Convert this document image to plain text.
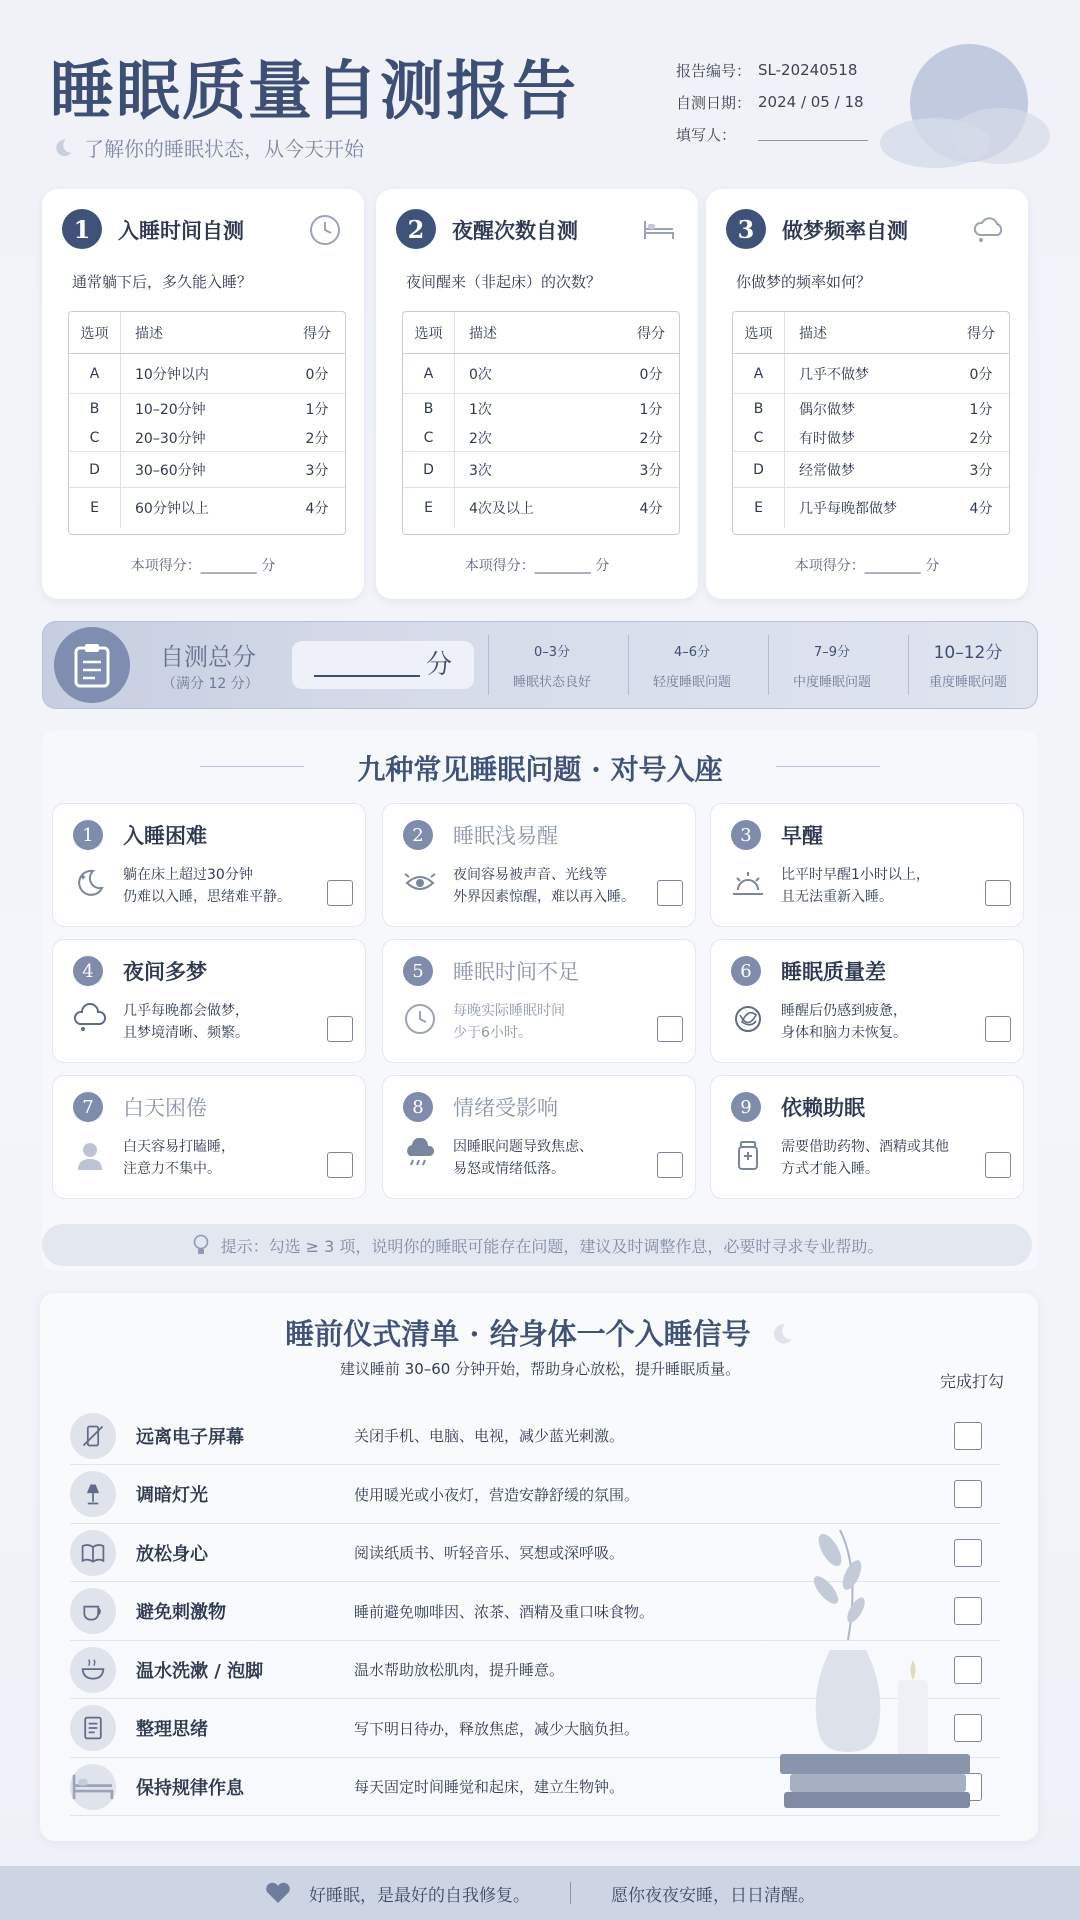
睡眠质量自测报告
了解你的睡眠状态，从今天开始
报告编号： SL-20240518
自测日期： 2024 / 05 / 18
填写人：
1	入睡时间自测
通常躺下后，多久能入睡？
选项	描述	得分
A	10分钟以内	0分
B	10–20分钟	1分
C	20–30分钟	2分
D	30–60分钟	3分
E	60分钟以上	4分
本项得分：________ 分
2	夜醒次数自测
夜间醒来（非起床）的次数？
选项	描述	得分
A	0次	0分
B	1次	1分
C	2次	2分
D	3次	3分
E	4次及以上	4分
本项得分：________ 分
3	做梦频率自测
你做梦的频率如何？
选项	描述	得分
A	几乎不做梦	0分
B	偶尔做梦	1分
C	有时做梦	2分
D	经常做梦	3分
E	几乎每晚都做梦	4分
本项得分：________ 分
自测总分
（满分 12 分）
分	0–3分
睡眠状态良好
4–6分
轻度睡眠问题
7–9分
中度睡眠问题
10–12分
重度睡眠问题
九种常见睡眠问题 · 对号入座
1	入睡困难
躺在床上超过30分钟
仍难以入睡，思绪难平静。
2	睡眠浅易醒
夜间容易被声音、光线等
外界因素惊醒，难以再入睡。
3	早醒
比平时早醒1小时以上，
且无法重新入睡。
4	夜间多梦
几乎每晚都会做梦，
且梦境清晰、频繁。
5	睡眠时间不足
每晚实际睡眠时间
少于6小时。
6	睡眠质量差
睡醒后仍感到疲惫，
身体和脑力未恢复。
7	白天困倦
白天容易打瞌睡，
注意力不集中。
8	情绪受影响
因睡眠问题导致焦虑、
易怒或情绪低落。
9	依赖助眠
需要借助药物、酒精或其他
方式才能入睡。
提示：勾选 ≥ 3 项，说明你的睡眠可能存在问题，建议及时调整作息，必要时寻求专业帮助。
睡前仪式清单 · 给身体一个入睡信号
建议睡前 30–60 分钟开始，帮助身心放松，提升睡眠质量。
完成打勾
远离电子屏幕	关闭手机、电脑、电视，减少蓝光刺激。
调暗灯光	使用暖光或小夜灯，营造安静舒缓的氛围。
放松身心	阅读纸质书、听轻音乐、冥想或深呼吸。
避免刺激物	睡前避免咖啡因、浓茶、酒精及重口味食物。
温水洗漱 / 泡脚	温水帮助放松肌肉，提升睡意。
整理思绪	写下明日待办，释放焦虑，减少大脑负担。
保持规律作息	每天固定时间睡觉和起床，建立生物钟。
好睡眠，是最好的自我修复。	愿你夜夜安睡，日日清醒。
